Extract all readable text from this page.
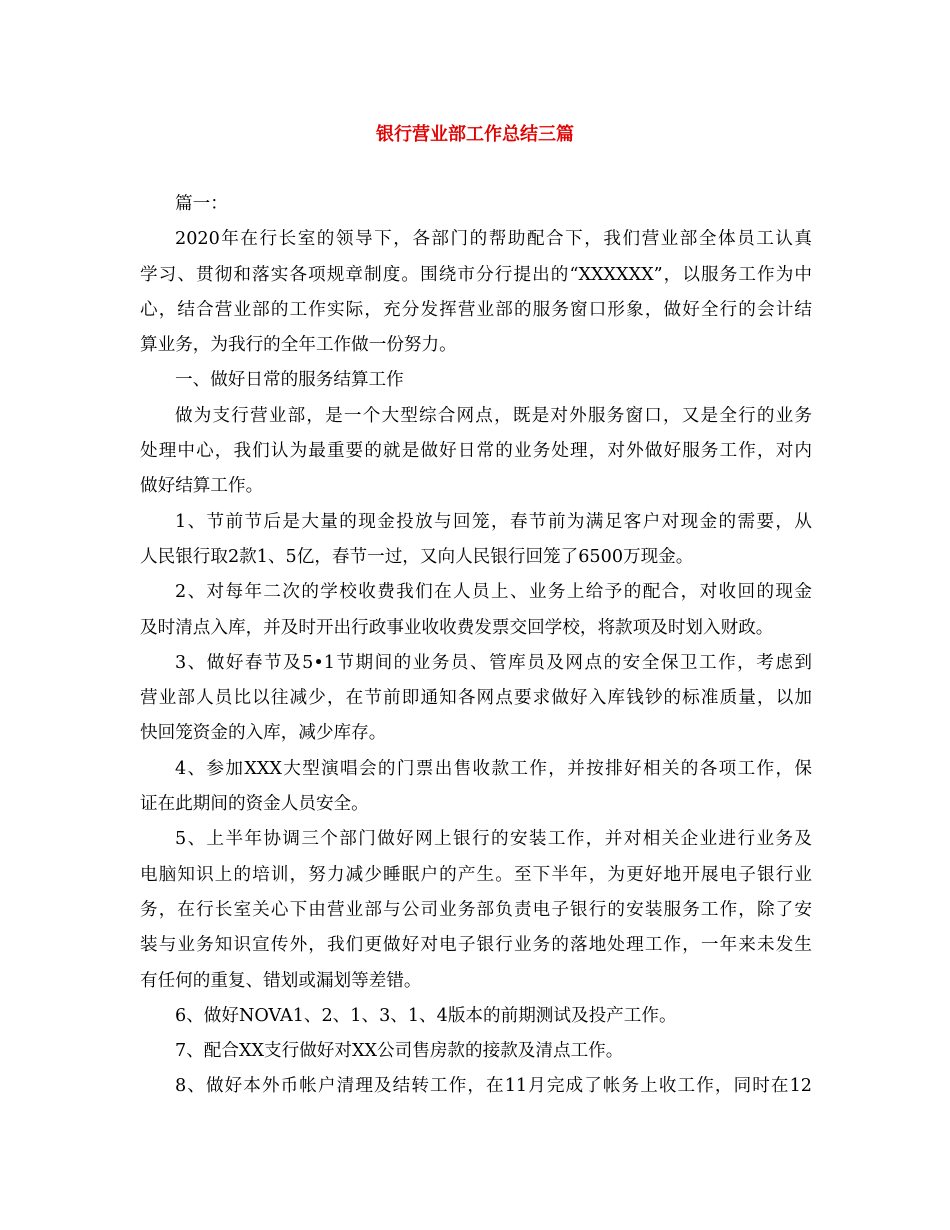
银行营业部工作总结三篇
篇一：
2020年在行长室的领导下，各部门的帮助配合下，我们营业部全体员工认真
学习、贯彻和落实各项规章制度。围绕市分行提出的“XXXXXX”，以服务工作为中
心，结合营业部的工作实际，充分发挥营业部的服务窗口形象，做好全行的会计结
算业务，为我行的全年工作做一份努力。
一、做好日常的服务结算工作
做为支行营业部，是一个大型综合网点，既是对外服务窗口，又是全行的业务
处理中心，我们认为最重要的就是做好日常的业务处理，对外做好服务工作，对内
做好结算工作。
1、节前节后是大量的现金投放与回笼，春节前为满足客户对现金的需要，从
人民银行取2款1、5亿，春节一过，又向人民银行回笼了6500万现金。
2、对每年二次的学校收费我们在人员上、业务上给予的配合，对收回的现金
及时清点入库，并及时开出行政事业收收费发票交回学校，将款项及时划入财政。
3、做好春节及5•1节期间的业务员、管库员及网点的安全保卫工作，考虑到
营业部人员比以往减少，在节前即通知各网点要求做好入库钱钞的标准质量，以加
快回笼资金的入库，减少库存。
4、参加XXX大型演唱会的门票出售收款工作，并按排好相关的各项工作，保
证在此期间的资金人员安全。
5、上半年协调三个部门做好网上银行的安装工作，并对相关企业进行业务及
电脑知识上的培训，努力减少睡眠户的产生。至下半年，为更好地开展电子银行业
务，在行长室关心下由营业部与公司业务部负责电子银行的安装服务工作，除了安
装与业务知识宣传外，我们更做好对电子银行业务的落地处理工作，一年来未发生
有任何的重复、错划或漏划等差错。
6、做好NOVA1、2、1、3、1、4版本的前期测试及投产工作。
7、配合XX支行做好对XX公司售房款的接款及清点工作。
8、做好本外币帐户清理及结转工作，在11月完成了帐务上收工作，同时在12
